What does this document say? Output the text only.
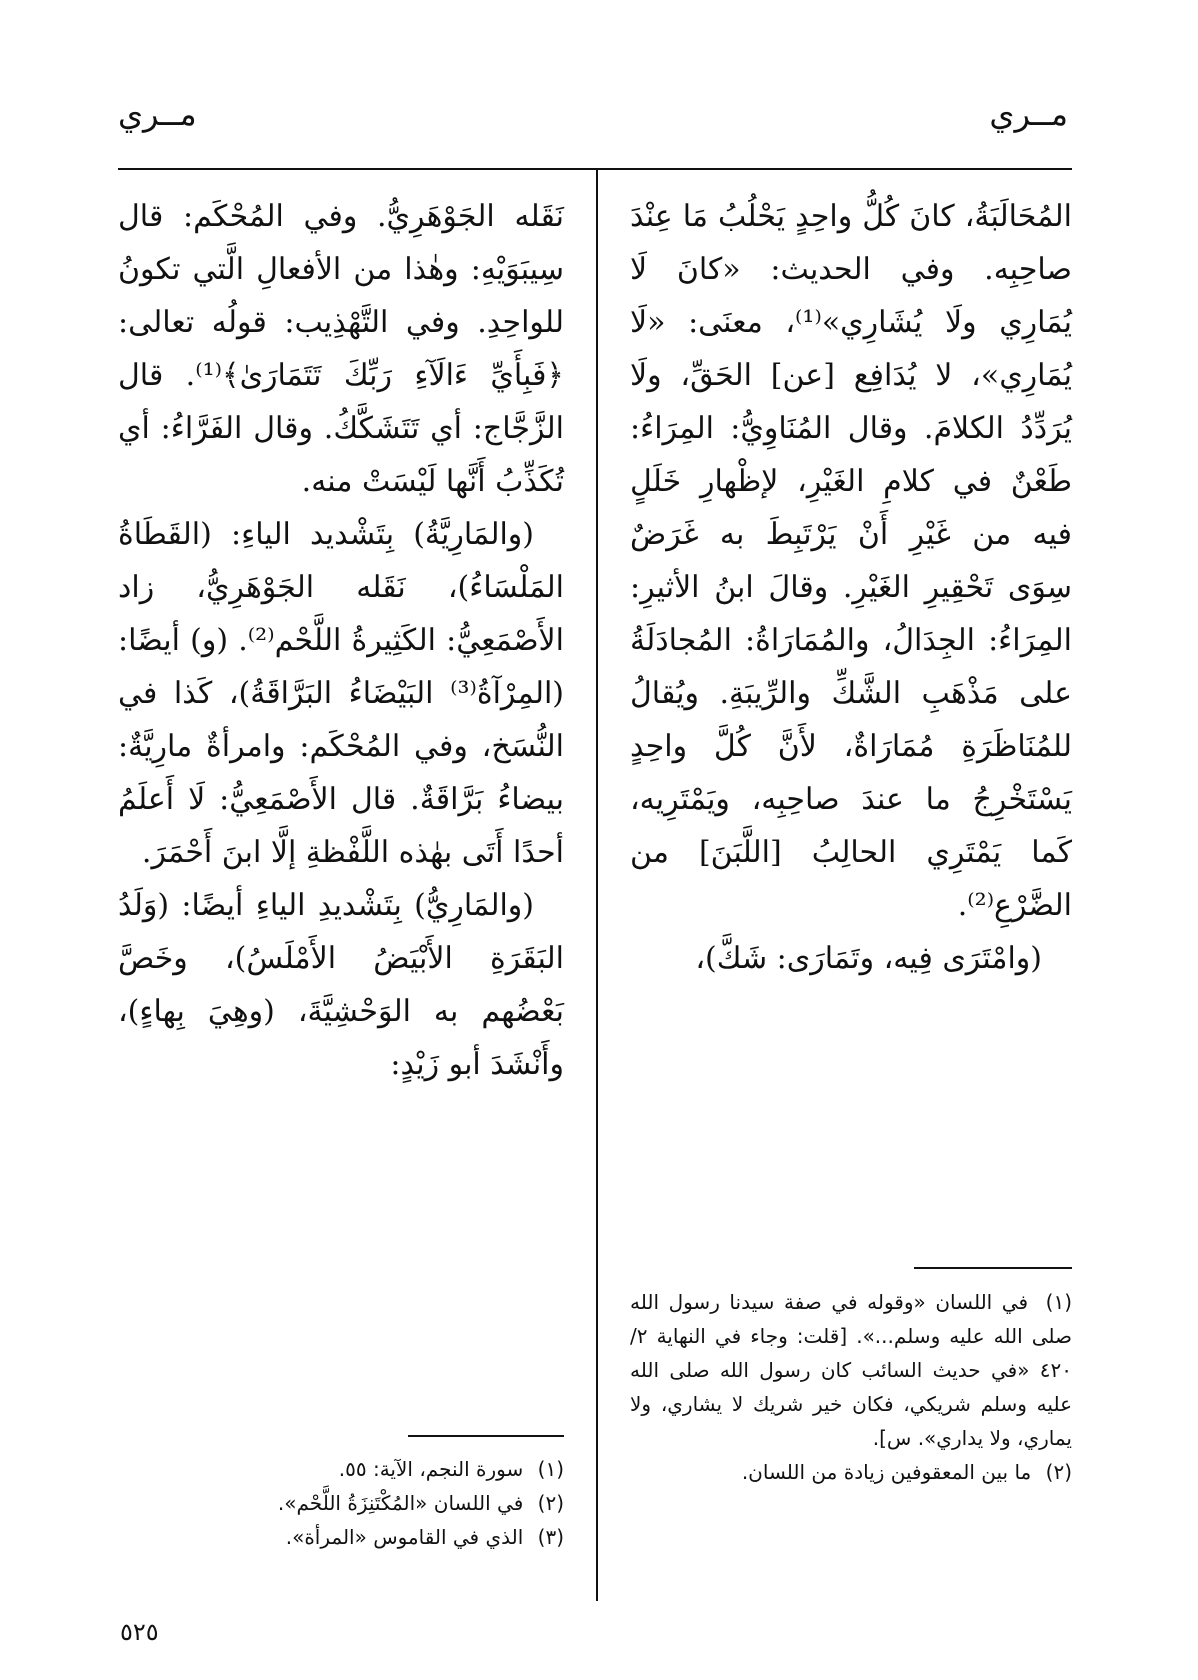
مــري
مــري

المُحَالَبَةُ، كانَ كُلُّ واحِدٍ يَحْلُبُ مَا عِنْدَ صاحِبِه. وفي الحديث: «كانَ لَا يُمَارِي ولَا يُشَارِي»⁽¹⁾، معنَى: «لَا يُمَارِي»، لا يُدَافِع [عن] الحَقِّ، ولَا يُرَدِّدُ الكلامَ. وقال المُنَاوِيُّ: المِرَاءُ: طَعْنٌ في كلامِ الغَيْرِ، لإظْهارِ خَلَلٍ فيه من غَيْرِ أَنْ يَرْتَبِطَ به غَرَضٌ سِوَى تَحْقِيرِ الغَيْرِ. وقالَ ابنُ الأثيرِ: المِرَاءُ: الجِدَالُ، والمُمَارَاةُ: المُجادَلَةُ على مَذْهَبِ الشَّكِّ والرِّيبَةِ. ويُقالُ للمُنَاظَرَةِ مُمَارَاةٌ، لأَنَّ كُلَّ واحِدٍ يَسْتَخْرِجُ ما عندَ صاحِبِه، ويَمْتَرِيه، كَما يَمْتَرِي الحالِبُ [اللَّبَنَ] من الضَّرْعِ⁽²⁾.

(وامْتَرَى فِيه، وتَمَارَى: شَكَّ)،

نَقَله الجَوْهَرِيُّ. وفي المُحْكَم: قال سِيبَوَيْهِ: وهٰذا من الأفعالِ الَّتي تكونُ للواحِدِ. وفي التَّهْذِيب: قولُه تعالى: ﴿فَبِأَيِّ ءَالَآءِ رَبِّكَ تَتَمَارَىٰ﴾⁽¹⁾. قال الزَّجَّاج: أي تَتَشَكَّكُ. وقال الفَرَّاءُ: أي تُكَذِّبُ أَنَّها لَيْسَتْ منه.

(والمَارِيَّةُ) بِتَشْديد الياءِ: (القَطَاةُ المَلْسَاءُ)، نَقَله الجَوْهَرِيُّ، زاد الأَصْمَعِيُّ: الكَثِيرةُ اللَّحْم⁽²⁾. (و) أيضًا: (المِرْآةُ⁽³⁾ البَيْضَاءُ البَرَّاقَةُ)، كَذا في النُّسَخ، وفي المُحْكَم: وامرأةٌ مارِيَّةٌ: بيضاءُ بَرَّاقَةٌ. قال الأَصْمَعِيُّ: لَا أَعلَمُ أحدًا أَتَى بهٰذه اللَّفْظةِ إلَّا ابنَ أَحْمَرَ.

(والمَارِيُّ) بِتَشْديدِ الياءِ أيضًا: (وَلَدُ البَقَرَةِ الأَبْيَضُ الأَمْلَسُ)، وخَصَّ بَعْضُهم به الوَحْشِيَّةَ، (وهِيَ بِهاءٍ)، وأَنْشَدَ أبو زَيْدٍ:

(١) في اللسان «وقوله في صفة سيدنا رسول الله صلى الله عليه وسلم...». [قلت: وجاء في النهاية ٢/ ٤٢٠ «في حديث السائب كان رسول الله صلى الله عليه وسلم شريكي، فكان خير شريك لا يشاري، ولا يماري، ولا يداري». س].

(٢) ما بين المعقوفين زيادة من اللسان.

(١) سورة النجم، الآية: ٥٥.

(٢) في اللسان «المُكْتَنِزَةُ اللَّحْم».

(٣) الذي في القاموس «المرأة».

٥٢٥
